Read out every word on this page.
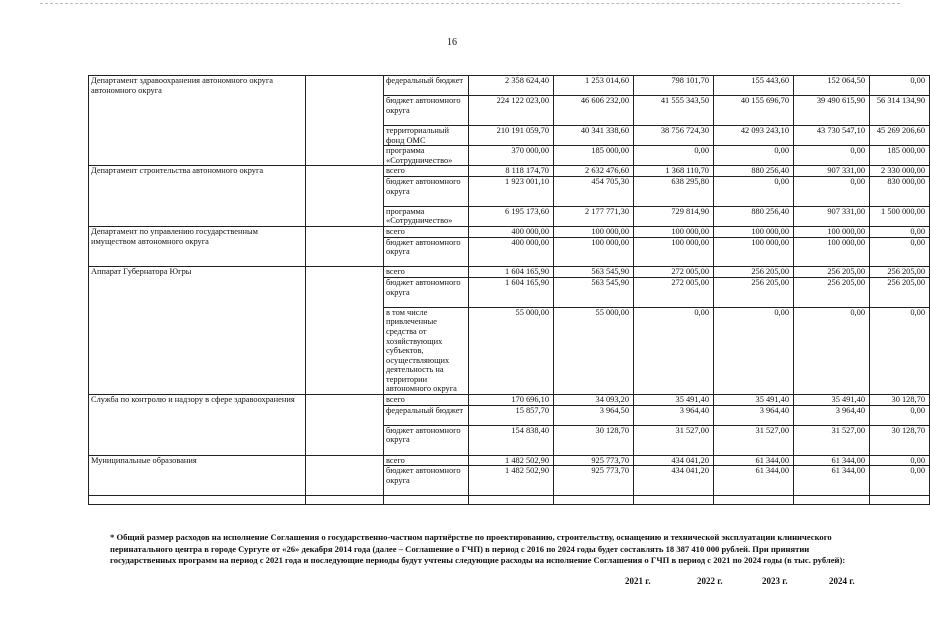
16
Департамент здравоохранения автономного округа автономного округа		федеральный бюджет	2 358 624,40	1 253 014,60	798 101,70	155 443,60	152 064,50	0,00
		бюджет автономного округа	224 122 023,00	46 606 232,00	41 555 343,50	40 155 696,70	39 490 615,90	56 314 134,90
		территориальный фонд ОМС	210 191 059,70	40 341 338,60	38 756 724,30	42 093 243,10	43 730 547,10	45 269 206,60
		программа «Сотрудничество»	370 000,00	185 000,00	0,00	0,00	0,00	185 000,00
Департамент строительства автономного округа		всего	8 118 174,70	2 632 476,60	1 368 110,70	880 256,40	907 331,00	2 330 000,00
		бюджет автономного округа	1 923 001,10	454 705,30	638 295,80	0,00	0,00	830 000,00
		программа «Сотрудничество»	6 195 173,60	2 177 771,30	729 814,90	880 256,40	907 331,00	1 500 000,00
Департамент по управлению государственным имуществом автономного округа		всего	400 000,00	100 000,00	100 000,00	100 000,00	100 000,00	0,00
		бюджет автономного округа	400 000,00	100 000,00	100 000,00	100 000,00	100 000,00	0,00
Аппарат Губернатора Югры		всего	1 604 165,90	563 545,90	272 005,00	256 205,00	256 205,00	256 205,00
		бюджет автономного округа	1 604 165,90	563 545,90	272 005,00	256 205,00	256 205,00	256 205,00
		в том числе привлеченные средства от хозяйствующих субъектов, осуществляющих деятельность на территории автономного округа	55 000,00	55 000,00	0,00	0,00	0,00	0,00
Служба по контролю и надзору в сфере здравоохранения		всего	170 696,10	34 093,20	35 491,40	35 491,40	35 491,40	30 128,70
		федеральный бюджет	15 857,70	3 964,50	3 964,40	3 964,40	3 964,40	0,00
		бюджет автономного округа	154 838,40	30 128,70	31 527,00	31 527,00	31 527,00	30 128,70
Муниципальные образования		всего	1 482 502,90	925 773,70	434 041,20	61 344,00	61 344,00	0,00
		бюджет автономного округа	1 482 502,90	925 773,70	434 041,20	61 344,00	61 344,00	0,00

* Общий размер расходов на исполнение Соглашения о государственно-частном партнёрстве по проектированию, строительству, оснащению и технической эксплуатации клинического перинатального центра в городе Сургуте от «26» декабря 2014 года (далее – Соглашение о ГЧП) в период с 2016 по 2024 годы будет составлять 18 387 410 000 рублей. При принятии государственных программ на период с 2021 года и последующие периоды будут учтены следующие расходы на исполнение Соглашения о ГЧП в период с 2021 по 2024 годы (в тыс. рублей):
2021 г.	2022 г.	2023 г.	2024 г.
